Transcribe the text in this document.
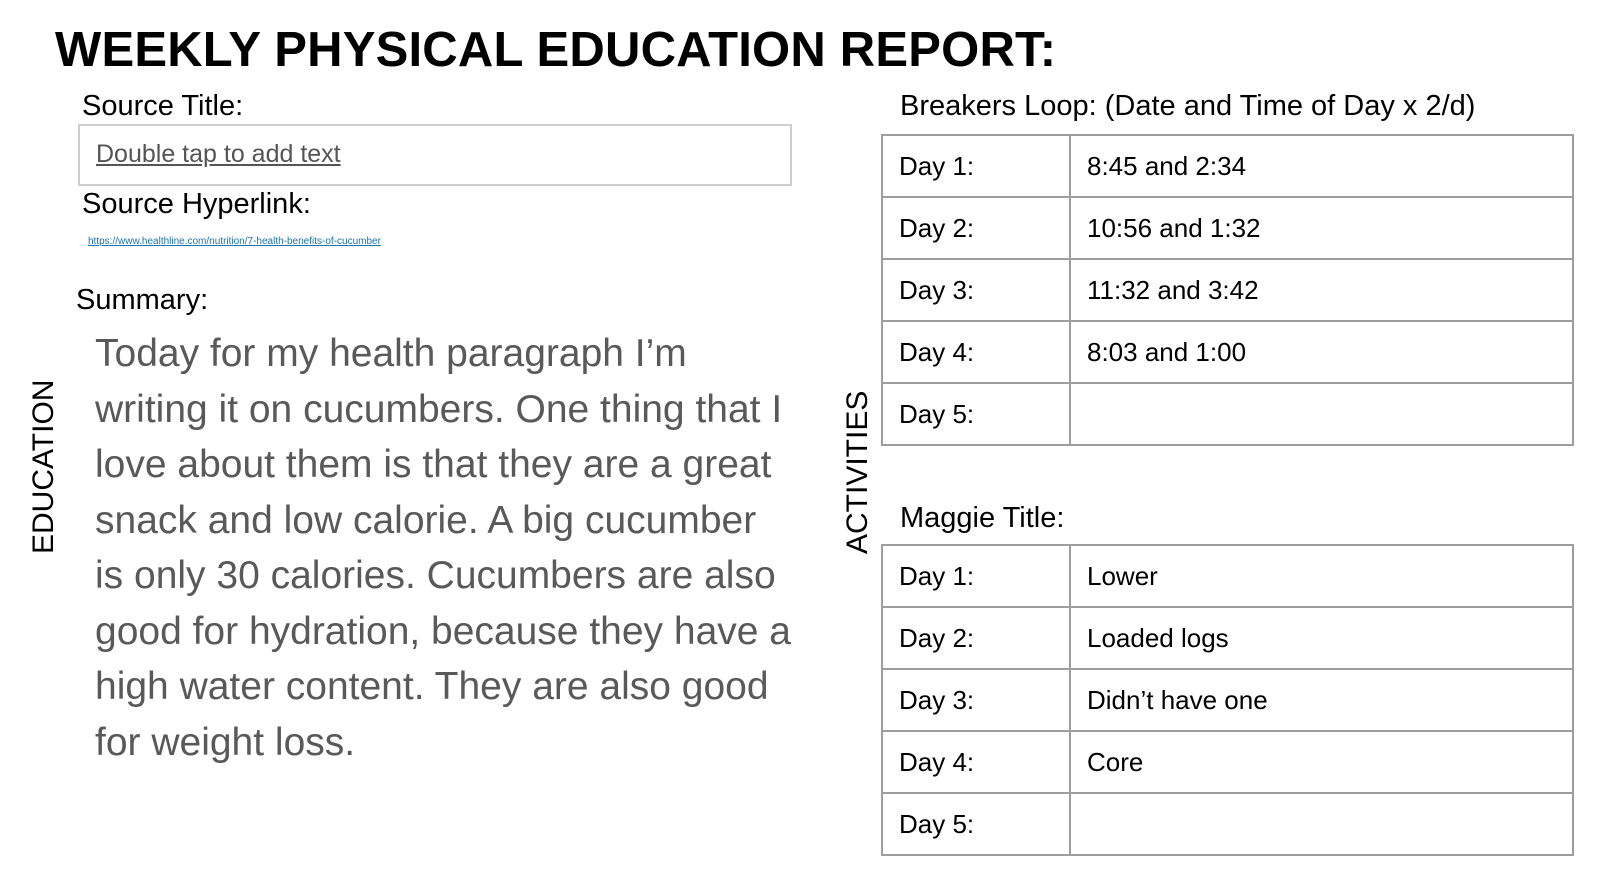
WEEKLY PHYSICAL EDUCATION REPORT:
EDUCATION
Source Title:
Double tap to add text
Source Hyperlink:
https://www.healthline.com/nutrition/7-health-benefits-of-cucumber
Summary:
Today for my health paragraph I’m writing it on cucumbers. One thing that I love about them is that they are a great snack and low calorie. A big cucumber is only 30 calories. Cucumbers are also good for hydration, because they have a high water content. They are also good for weight loss.
ACTIVITIES
Breakers Loop: (Date and Time of Day x 2/d)
Day 1:	8:45 and 2:34
Day 2:	10:56 and 1:32
Day 3:	11:32 and 3:42
Day 4:	8:03 and 1:00
Day 5:	
Maggie Title:
Day 1:	Lower
Day 2:	Loaded logs
Day 3:	Didn’t have one
Day 4:	Core
Day 5:	
